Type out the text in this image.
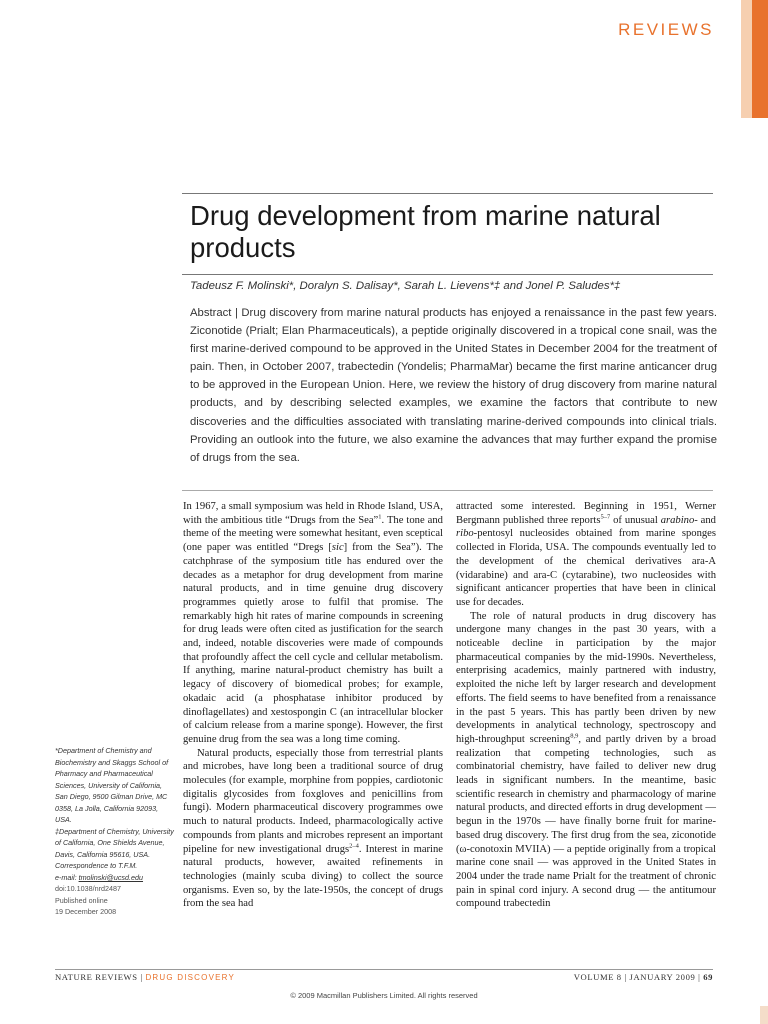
REVIEWS
Drug development from marine natural products
Tadeusz F. Molinski*, Doralyn S. Dalisay*, Sarah L. Lievens*‡ and Jonel P. Saludes*‡

Abstract | Drug discovery from marine natural products has enjoyed a renaissance in the past few years. Ziconotide (Prialt; Elan Pharmaceuticals), a peptide originally discovered in a tropical cone snail, was the first marine-derived compound to be approved in the United States in December 2004 for the treatment of pain. Then, in October 2007, trabectedin (Yondelis; PharmaMar) became the first marine anticancer drug to be approved in the European Union. Here, we review the history of drug discovery from marine natural products, and by describing selected examples, we examine the factors that contribute to new discoveries and the difficulties associated with translating marine-derived compounds into clinical trials. Providing an outlook into the future, we also examine the advances that may further expand the promise of drugs from the sea.

In 1967, a small symposium was held in Rhode Island, USA, with the ambitious title “Drugs from the Sea”$^1$. The tone and theme of the meeting were somewhat hesitant, even sceptical (one paper was entitled “Dregs [sic] from the Sea”). The catchphrase of the symposium title has endured over the decades as a metaphor for drug development from marine natural products, and in time genuine drug discovery programmes quietly arose to fulfil that promise. The remarkably high hit rates of marine compounds in screening for drug leads were often cited as justification for the search and, indeed, notable discoveries were made of compounds that profoundly affect the cell cycle and cellular metabolism. If anything, marine natural-product chemistry has built a legacy of discovery of biomedical probes; for example, okadaic acid (a phosphatase inhibitor produced by dinoflagellates) and xestospongin C (an intracellular blocker of calcium release from a marine sponge). However, the first genuine drug from the sea was a long time coming.

Natural products, especially those from terrestrial plants and microbes, have long been a traditional source of drug molecules (for example, morphine from poppies, cardiotonic digitalis glycosides from foxgloves and penicillins from fungi). Modern pharmaceutical discovery programmes owe much to natural products. Indeed, pharmacologically active compounds from plants and microbes represent an important pipeline for new investigational drugs$^{2-4}$. Interest in marine natural products, however, awaited refinements in technologies (mainly scuba diving) to collect the source organisms. Even so, by the late-1950s, the concept of drugs from the sea had

attracted some interested. Beginning in 1951, Werner Bergmann published three reports$^{5-7}$ of unusual arabino- and ribo-pentosyl nucleosides obtained from marine sponges collected in Florida, USA. The compounds eventually led to the development of the chemical derivatives ara-A (vidarabine) and ara-C (cytarabine), two nucleosides with significant anticancer properties that have been in clinical use for decades.

The role of natural products in drug discovery has undergone many changes in the past 30 years, with a noticeable decline in participation by the major pharmaceutical companies by the mid-1990s. Nevertheless, enterprising academics, mainly partnered with industry, exploited the niche left by larger research and development efforts. The field seems to have benefited from a renaissance in the past 5 years. This has partly been driven by new developments in analytical technology, spectroscopy and high-throughput screening$^{8,9}$, and partly driven by a broad realization that competing technologies, such as combinatorial chemistry, have failed to deliver new drug leads in significant numbers. In the meantime, basic scientific research in chemistry and pharmacology of marine natural products, and directed efforts in drug development — begun in the 1970s — have finally borne fruit for marine-based drug discovery. The first drug from the sea, ziconotide (ω-conotoxin MVIIA) — a peptide originally from a tropical marine cone snail — was approved in the United States in 2004 under the trade name Prialt for the treatment of chronic pain in spinal cord injury. A second drug — the antitumour compound trabectedin

*Department of Chemistry and Biochemistry and Skaggs School of Pharmacy and Pharmaceutical Sciences, University of California, San Diego, 9500 Gilman Drive, MC 0358, La Jolla, California 92093, USA.
‡Department of Chemistry, University of California, One Shields Avenue, Davis, California 95616, USA.
Correspondence to T.F.M.
e-mail: tmolinski@ucsd.edu
doi:10.1038/nrd2487
Published online
19 December 2008
NATURE REVIEWS | DRUG DISCOVERY	VOLUME 8 | JANUARY 2009 | 69
© 2009 Macmillan Publishers Limited. All rights reserved
